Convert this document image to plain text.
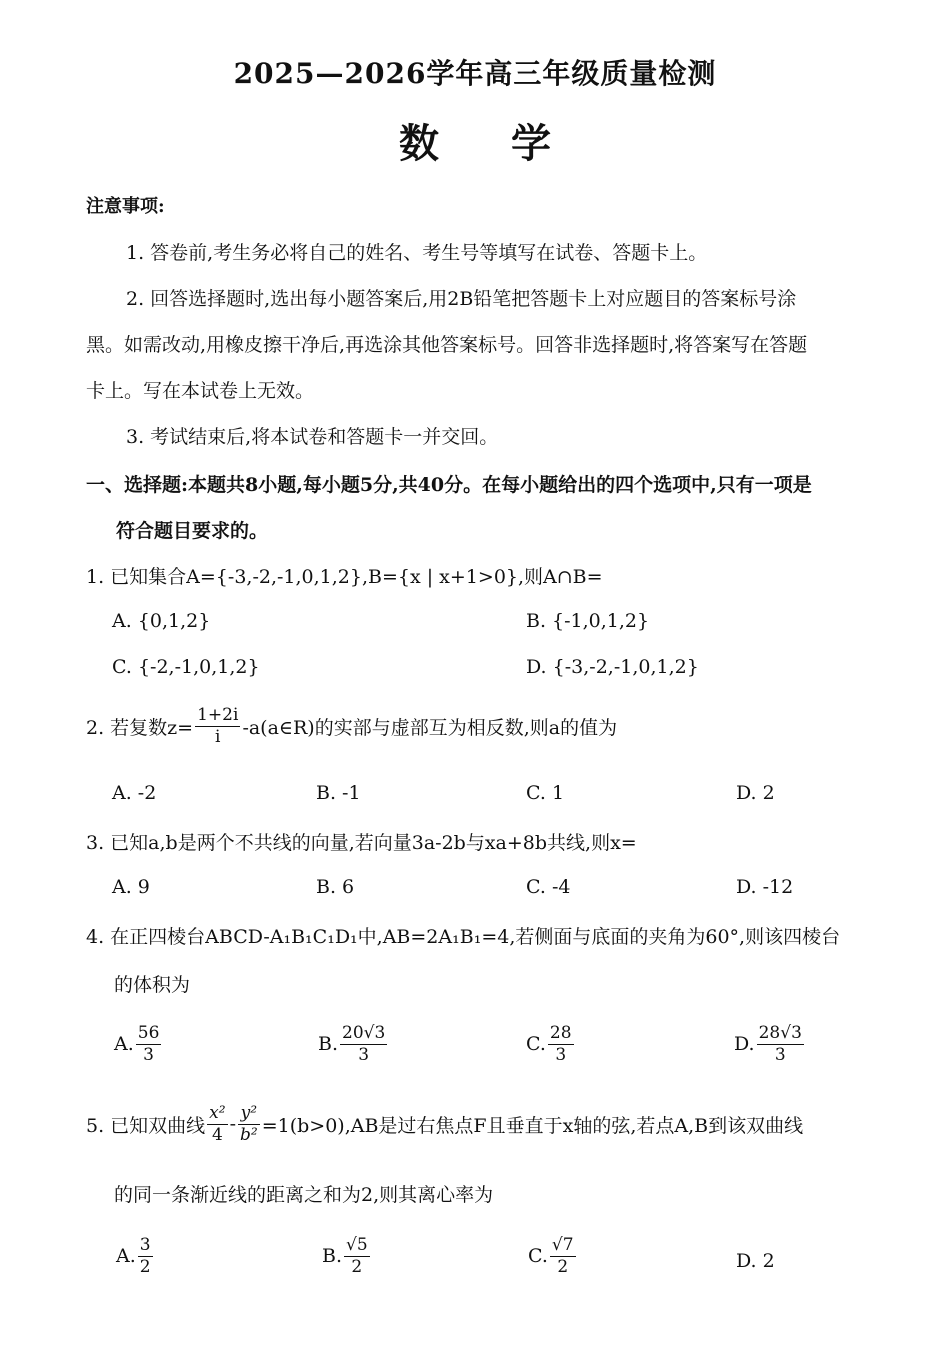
2025—2026学年高三年级质量检测
数学
注意事项:
1. 答卷前,考生务必将自己的姓名、考生号等填写在试卷、答题卡上。
2. 回答选择题时,选出每小题答案后,用2B铅笔把答题卡上对应题目的答案标号涂
黑。如需改动,用橡皮擦干净后,再选涂其他答案标号。回答非选择题时,将答案写在答题
卡上。写在本试卷上无效。
3. 考试结束后,将本试卷和答题卡一并交回。
一、选择题:本题共8小题,每小题5分,共40分。在每小题给出的四个选项中,只有一项是
符合题目要求的。
1. 已知集合A={-3,-2,-1,0,1,2},B={x | x+1>0},则A∩B=
A. {0,1,2}	B. {-1,0,1,2}
C. {-2,-1,0,1,2}	D. {-3,-2,-1,0,1,2}
2. 若复数$z= \frac{1+2i}{i}$ -a(a∈R)的实部与虚部互为相反数,则a的值为
A. -2	B. -1	C. 1	D. 2
3. 已知a,b是两个不共线的向量,若向量3a-2b与xa+8b共线,则x=
A. 9	B. 6	C. -4	D. -12
4. 在正四棱台ABCD-A₁B₁C₁D₁中,AB=2A₁B₁=4,若侧面与底面的夹角为60°,则该四棱台
的体积为
A. $\frac{56}{3}$	B. $\frac{20√3}{3}$	C. $\frac{28}{3}$	D. $\frac{28√3}{3}$
5. 已知双曲线 $\frac{\text{x²}}{4} - \frac{\text{y²}}{\text{b²}} =1(b>0),AB$是过右焦点F且垂直于x轴的弦,若点A,B到该双曲线
的同一条渐近线的距离之和为2,则其离心率为
A. $\frac{3}{2}$	B. $\frac{√5}{2}$	C. $\frac{√7}{2}$	D. 2
